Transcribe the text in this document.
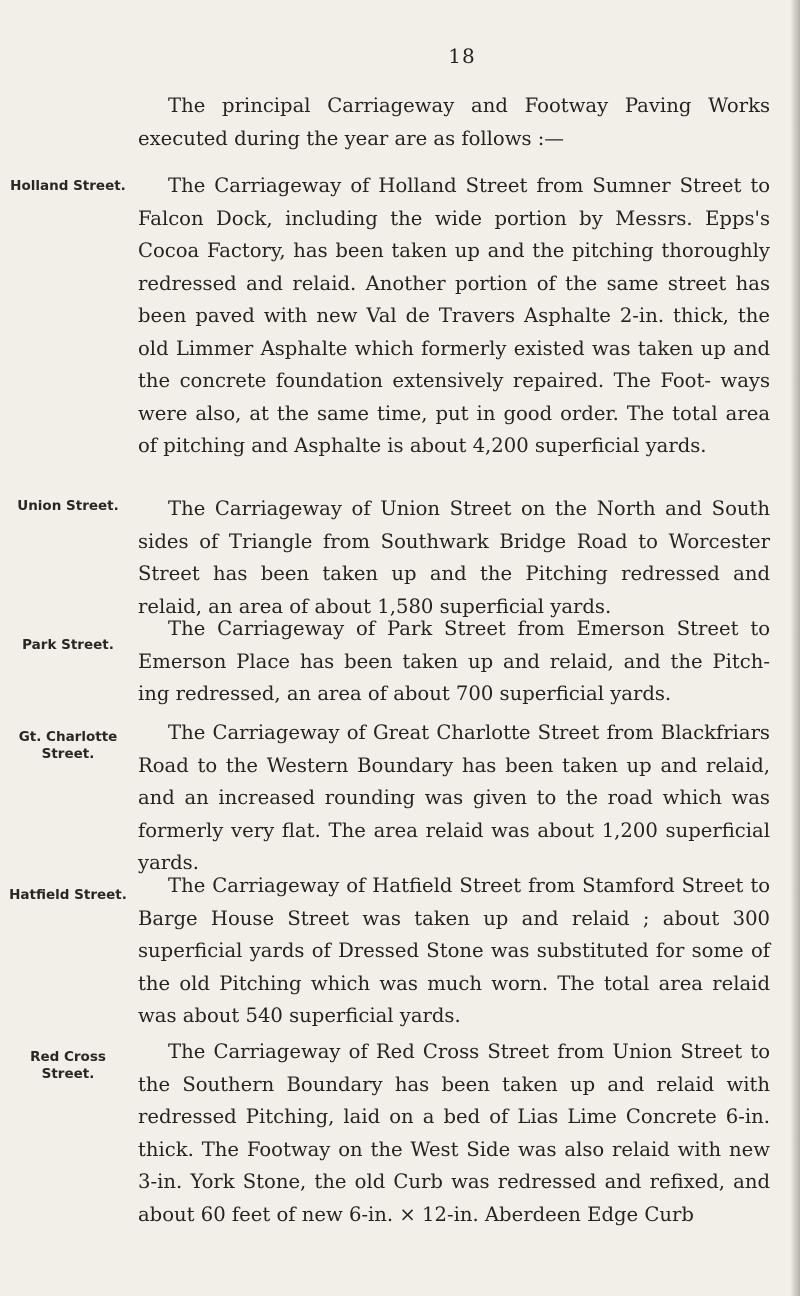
18

The principal Carriageway and Footway Paving Works executed during the year are as follows :—

Holland Street.	The Carriageway of Holland Street from Sumner Street to Falcon Dock, including the wide portion by Messrs. Epps's Cocoa Factory, has been taken up and the pitching thoroughly redressed and relaid. Another portion of the same street has been paved with new Val de Travers Asphalte 2-in. thick, the old Limmer Asphalte which formerly existed was taken up and the concrete foundation extensively repaired. The Foot- ways were also, at the same time, put in good order. The total area of pitching and Asphalte is about 4,200 superficial yards.

Union Street.	The Carriageway of Union Street on the North and South sides of Triangle from Southwark Bridge Road to Worcester Street has been taken up and the Pitching redressed and relaid, an area of about 1,580 superficial yards.

Park Street.

The Carriageway of Park Street from Emerson Street to Emerson Place has been taken up and relaid, and the Pitch- ing redressed, an area of about 700 superficial yards.

Gt. Charlotte Street.

The Carriageway of Great Charlotte Street from Blackfriars Road to the Western Boundary has been taken up and relaid, and an increased rounding was given to the road which was formerly very flat. The area relaid was about 1,200 superficial yards.

Hatfield Street.	The Carriageway of Hatfield Street from Stamford Street to Barge House Street was taken up and relaid ; about 300 superficial yards of Dressed Stone was substituted for some of the old Pitching which was much worn. The total area relaid was about 540 superficial yards.

Red Cross Street.

The Carriageway of Red Cross Street from Union Street to the Southern Boundary has been taken up and relaid with redressed Pitching, laid on a bed of Lias Lime Concrete 6-in. thick. The Footway on the West Side was also relaid with new 3-in. York Stone, the old Curb was redressed and refixed, and about 60 feet of new 6-in. × 12-in. Aberdeen Edge Curb
